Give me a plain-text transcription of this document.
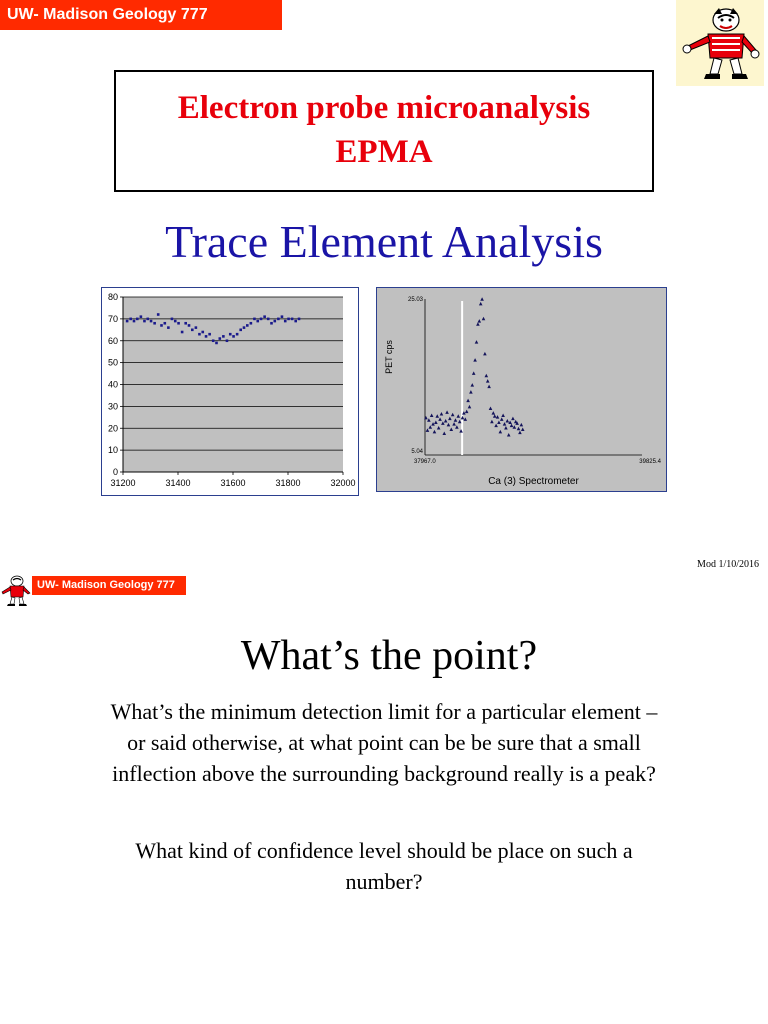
UW- Madison Geology 777
Electron probe microanalysis
EPMA
Trace Element Analysis
0
10
20
30
40
50
60
70
80
31200	31400	31600	31800	32000
25.03
5.04
37967.0	39825.4
Ca (3) Spectrometer
PET cps
Mod 1/10/2016
UW- Madison Geology 777
What’s the point?
What’s the minimum detection limit for a particular element – or said otherwise, at what point can be be sure that a small inflection above the surrounding background really is a peak?
What kind of confidence level should be place on such a number?
